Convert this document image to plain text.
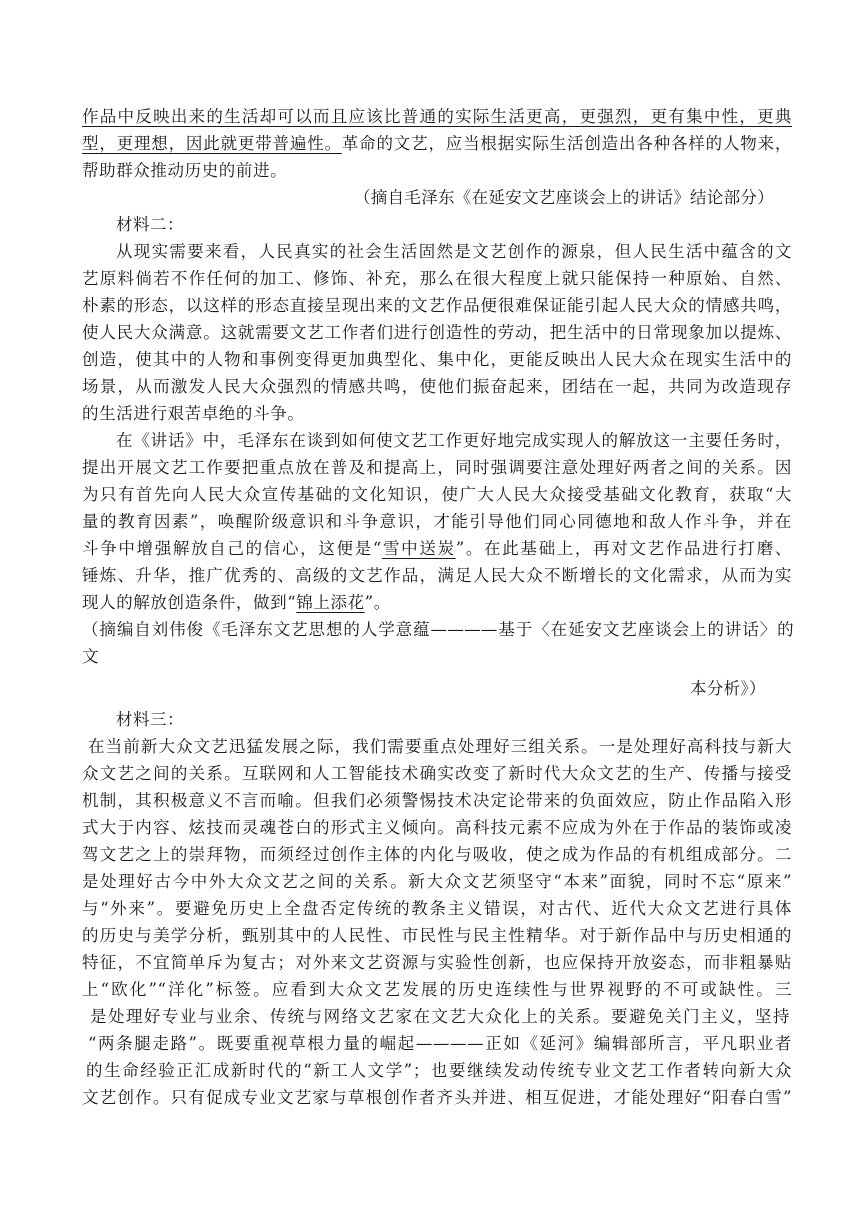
作品中反映出来的生活却可以而且应该比普通的实际生活更高，更强烈，更有集中性，更典
型，更理想，因此就更带普遍性。革命的文艺，应当根据实际生活创造出各种各样的人物来，
帮助群众推动历史的前进。
（摘自毛泽东《在延安文艺座谈会上的讲话》结论部分）
材料二：
从现实需要来看，人民真实的社会生活固然是文艺创作的源泉，但人民生活中蕴含的文
艺原料倘若不作任何的加工、修饰、补充，那么在很大程度上就只能保持一种原始、自然、
朴素的形态，以这样的形态直接呈现出来的文艺作品便很难保证能引起人民大众的情感共鸣，
使人民大众满意。这就需要文艺工作者们进行创造性的劳动，把生活中的日常现象加以提炼、
创造，使其中的人物和事例变得更加典型化、集中化，更能反映出人民大众在现实生活中的
场景，从而激发人民大众强烈的情感共鸣，使他们振奋起来，团结在一起，共同为改造现存
的生活进行艰苦卓绝的斗争。
在《讲话》中，毛泽东在谈到如何使文艺工作更好地完成实现人的解放这一主要任务时，
提出开展文艺工作要把重点放在普及和提高上，同时强调要注意处理好两者之间的关系。因
为只有首先向人民大众宣传基础的文化知识，使广大人民大众接受基础文化教育，获取“大
量的教育因素”，唤醒阶级意识和斗争意识，才能引导他们同心同德地和敌人作斗争，并在
斗争中增强解放自己的信心，这便是“雪中送炭”。在此基础上，再对文艺作品进行打磨、
锤炼、升华，推广优秀的、高级的文艺作品，满足人民大众不断增长的文化需求，从而为实
现人的解放创造条件，做到“锦上添花”。
（摘编自刘伟俊《毛泽东文艺思想的人学意蕴————基于〈在延安文艺座谈会上的讲话〉的
文
本分析》）
材料三：
在当前新大众文艺迅猛发展之际，我们需要重点处理好三组关系。一是处理好高科技与新大
众文艺之间的关系。互联网和人工智能技术确实改变了新时代大众文艺的生产、传播与接受
机制，其积极意义不言而喻。但我们必须警惕技术决定论带来的负面效应，防止作品陷入形
式大于内容、炫技而灵魂苍白的形式主义倾向。高科技元素不应成为外在于作品的装饰或凌
驾文艺之上的崇拜物，而须经过创作主体的内化与吸收，使之成为作品的有机组成部分。二
是处理好古今中外大众文艺之间的关系。新大众文艺须坚守“本来”面貌，同时不忘“原来”
与“外来”。要避免历史上全盘否定传统的教条主义错误，对古代、近代大众文艺进行具体
的历史与美学分析，甄别其中的人民性、市民性与民主性精华。对于新作品中与历史相通的
特征，不宜简单斥为复古；对外来文艺资源与实验性创新，也应保持开放姿态，而非粗暴贴
上“欧化”“洋化”标签。应看到大众文艺发展的历史连续性与世界视野的不可或缺性。三
是处理好专业与业余、传统与网络文艺家在文艺大众化上的关系。要避免关门主义，坚持
“两条腿走路”。既要重视草根力量的崛起————正如《延河》编辑部所言，平凡职业者
的生命经验正汇成新时代的“新工人文学”；也要继续发动传统专业文艺工作者转向新大众
文艺创作。只有促成专业文艺家与草根创作者齐头并进、相互促进，才能处理好“阳春白雪”
